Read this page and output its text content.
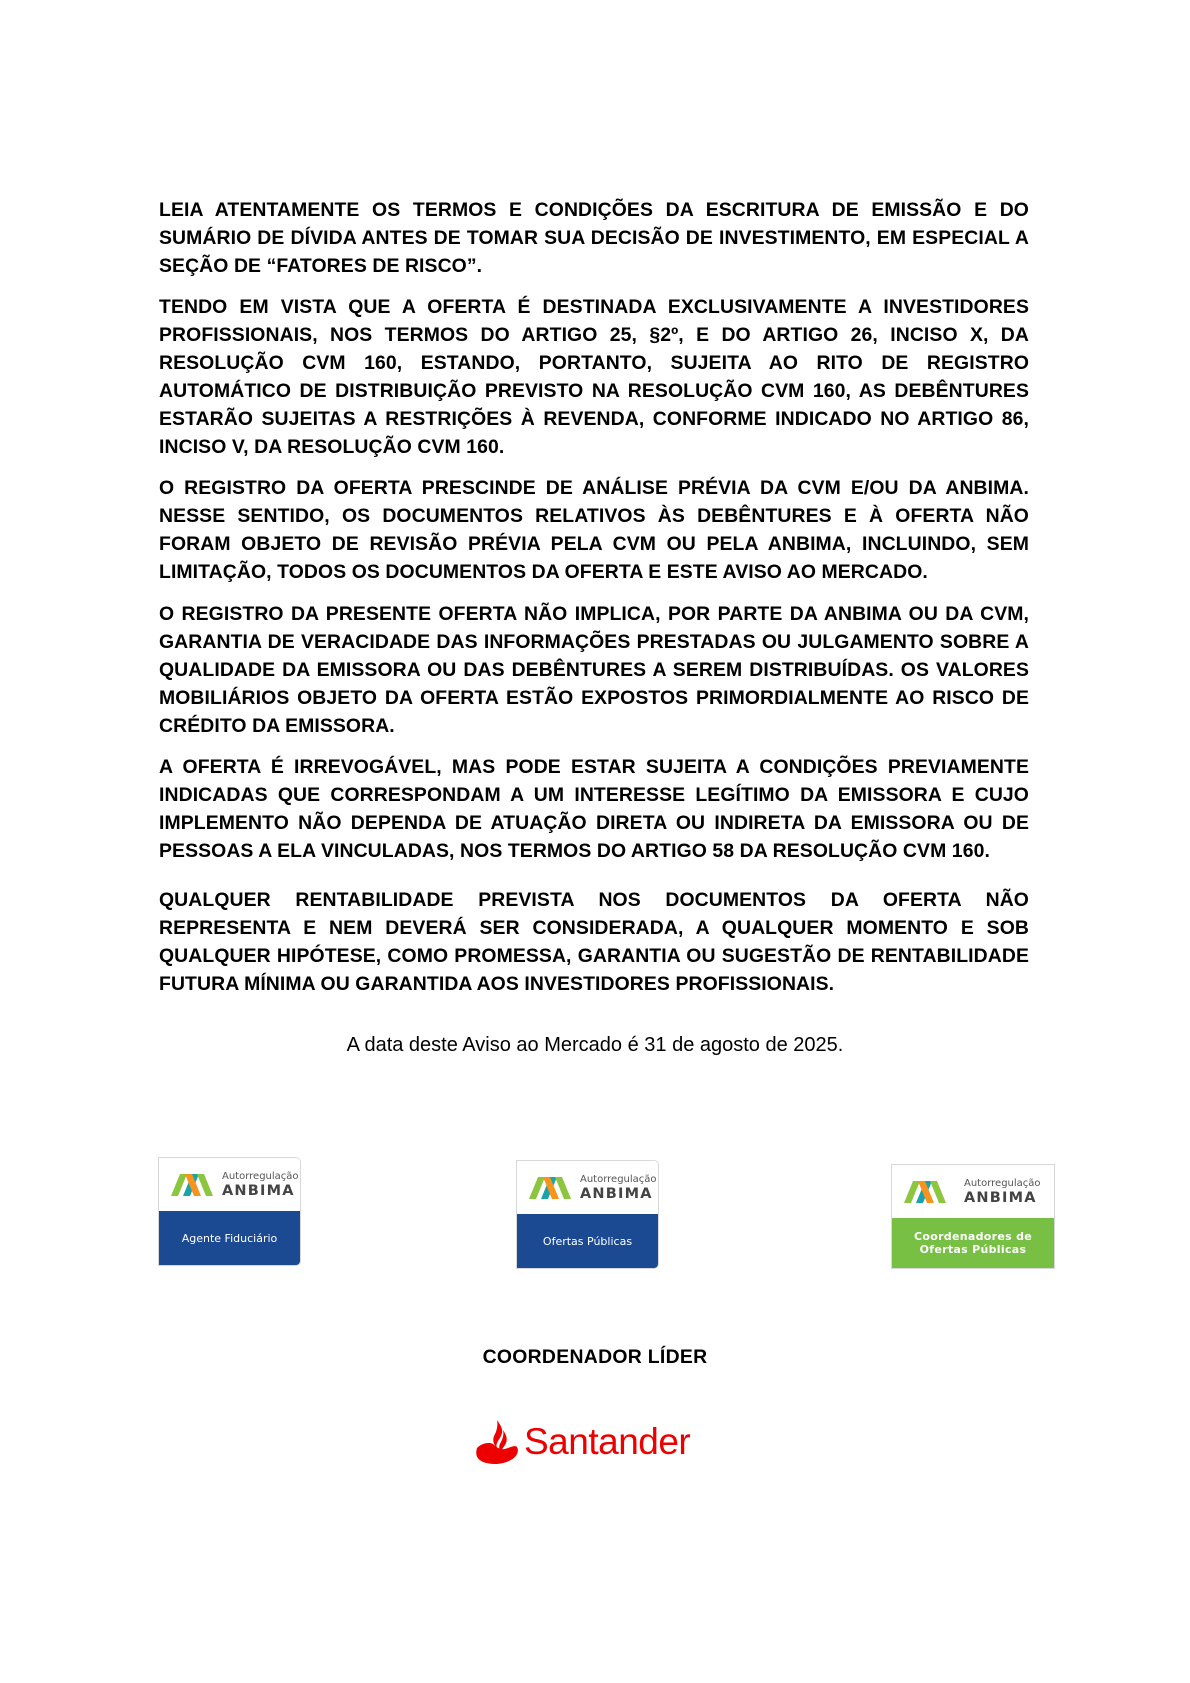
LEIA ATENTAMENTE OS TERMOS E CONDIÇÕES DA ESCRITURA DE EMISSÃO E DO SUMÁRIO DE DÍVIDA ANTES DE TOMAR SUA DECISÃO DE INVESTIMENTO, EM ESPECIAL A SEÇÃO DE “FATORES DE RISCO”.

TENDO EM VISTA QUE A OFERTA É DESTINADA EXCLUSIVAMENTE A INVESTIDORES PROFISSIONAIS, NOS TERMOS DO ARTIGO 25, §2º, E DO ARTIGO 26, INCISO X, DA RESOLUÇÃO CVM 160, ESTANDO, PORTANTO, SUJEITA AO RITO DE REGISTRO AUTOMÁTICO DE DISTRIBUIÇÃO PREVISTO NA RESOLUÇÃO CVM 160, AS DEBÊNTURES ESTARÃO SUJEITAS A RESTRIÇÕES À REVENDA, CONFORME INDICADO NO ARTIGO 86, INCISO V, DA RESOLUÇÃO CVM 160.

O REGISTRO DA OFERTA PRESCINDE DE ANÁLISE PRÉVIA DA CVM E/OU DA ANBIMA. NESSE SENTIDO, OS DOCUMENTOS RELATIVOS ÀS DEBÊNTURES E À OFERTA NÃO FORAM OBJETO DE REVISÃO PRÉVIA PELA CVM OU PELA ANBIMA, INCLUINDO, SEM LIMITAÇÃO, TODOS OS DOCUMENTOS DA OFERTA E ESTE AVISO AO MERCADO.

O REGISTRO DA PRESENTE OFERTA NÃO IMPLICA, POR PARTE DA ANBIMA OU DA CVM, GARANTIA DE VERACIDADE DAS INFORMAÇÕES PRESTADAS OU JULGAMENTO SOBRE A QUALIDADE DA EMISSORA OU DAS DEBÊNTURES A SEREM DISTRIBUÍDAS. OS VALORES MOBILIÁRIOS OBJETO DA OFERTA ESTÃO EXPOSTOS PRIMORDIALMENTE AO RISCO DE CRÉDITO DA EMISSORA.

A OFERTA É IRREVOGÁVEL, MAS PODE ESTAR SUJEITA A CONDIÇÕES PREVIAMENTE INDICADAS QUE CORRESPONDAM A UM INTERESSE LEGÍTIMO DA EMISSORA E CUJO IMPLEMENTO NÃO DEPENDA DE ATUAÇÃO DIRETA OU INDIRETA DA EMISSORA OU DE PESSOAS A ELA VINCULADAS, NOS TERMOS DO ARTIGO 58 DA RESOLUÇÃO CVM 160.

QUALQUER RENTABILIDADE PREVISTA NOS DOCUMENTOS DA OFERTA NÃO REPRESENTA E NEM DEVERÁ SER CONSIDERADA, A QUALQUER MOMENTO E SOB QUALQUER HIPÓTESE, COMO PROMESSA, GARANTIA OU SUGESTÃO DE RENTABILIDADE FUTURA MÍNIMA OU GARANTIDA AOS INVESTIDORES PROFISSIONAIS.

A data deste Aviso ao Mercado é 31 de agosto de 2025.
Autorregulação
ANBIMA
Agente Fiduciário
Autorregulação
ANBIMA
Ofertas Públicas
Autorregulação
ANBIMA
Coordenadores de
Ofertas Públicas
COORDENADOR LÍDER
Santander
